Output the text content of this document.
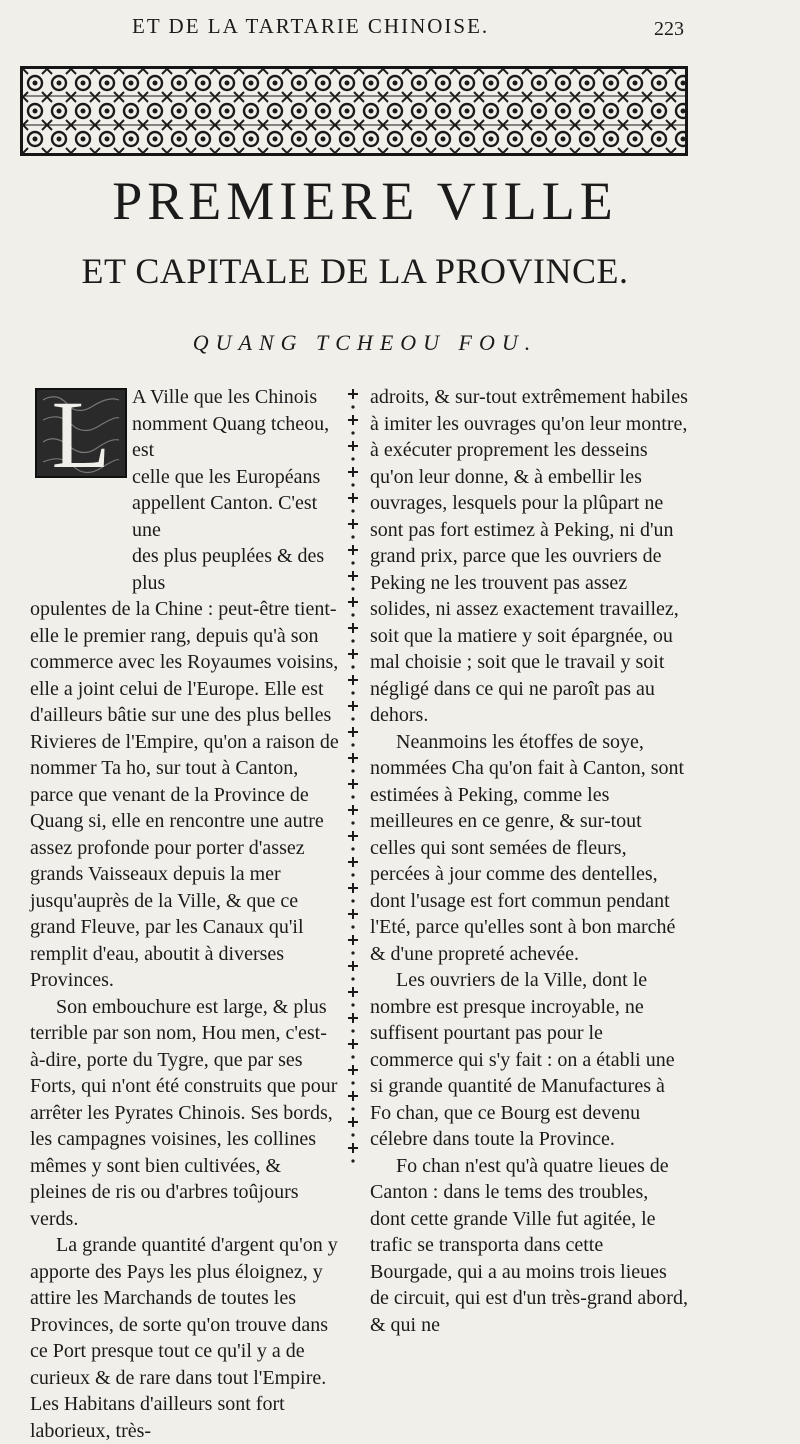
ET DE LA TARTARIE CHINOISE.	223
PREMIERE VILLE
ET CAPITALE DE LA PROVINCE.
QUANG TCHEOU FOU.
L	A Ville que les Chinois
nomment Quang tcheou, est
celle que les Européans
appellent Canton. C'est une
des plus peuplées & des plus

opulentes de la Chine : peut-être tient-elle le premier rang, depuis qu'à son commerce avec les Royaumes voisins, elle a joint celui de l'Europe. Elle est d'ailleurs bâtie sur une des plus belles Rivieres de l'Empire, qu'on a raison de nommer Ta ho, sur tout à Canton, parce que venant de la Province de Quang si, elle en rencontre une autre assez profonde pour porter d'assez grands Vaisseaux depuis la mer jusqu'auprès de la Ville, & que ce grand Fleuve, par les Canaux qu'il remplit d'eau, aboutit à diverses Provinces.

Son embouchure est large, & plus terrible par son nom, Hou men, c'est-à-dire, porte du Tygre, que par ses Forts, qui n'ont été construits que pour arrêter les Pyrates Chinois. Ses bords, les campagnes voisines, les collines mêmes y sont bien cultivées, & pleines de ris ou d'arbres toûjours verds.

La grande quantité d'argent qu'on y apporte des Pays les plus éloignez, y attire les Marchands de toutes les Provinces, de sorte qu'on trouve dans ce Port presque tout ce qu'il y a de curieux & de rare dans tout l'Empire. Les Habitans d'ailleurs sont fort laborieux, très-

adroits, & sur-tout extrêmement habiles à imiter les ouvrages qu'on leur montre, à exécuter proprement les desseins qu'on leur donne, & à embellir les ouvrages, lesquels pour la plûpart ne sont pas fort estimez à Peking, ni d'un grand prix, parce que les ouvriers de Peking ne les trouvent pas assez solides, ni assez exactement travaillez, soit que la matiere y soit épargnée, ou mal choisie ; soit que le travail y soit négligé dans ce qui ne paroît pas au dehors.

Neanmoins les étoffes de soye, nommées Cha qu'on fait à Canton, sont estimées à Peking, comme les meilleures en ce genre, & sur-tout celles qui sont semées de fleurs, percées à jour comme des dentelles, dont l'usage est fort commun pendant l'Eté, parce qu'elles sont à bon marché & d'une propreté achevée.

Les ouvriers de la Ville, dont le nombre est presque incroyable, ne suffisent pourtant pas pour le commerce qui s'y fait : on a établi une si grande quantité de Manufactures à Fo chan, que ce Bourg est devenu célebre dans toute la Province.

Fo chan n'est qu'à quatre lieues de Canton : dans le tems des troubles, dont cette grande Ville fut agitée, le trafic se transporta dans cette Bourgade, qui a au moins trois lieues de circuit, qui est d'un très-grand abord, & qui ne
